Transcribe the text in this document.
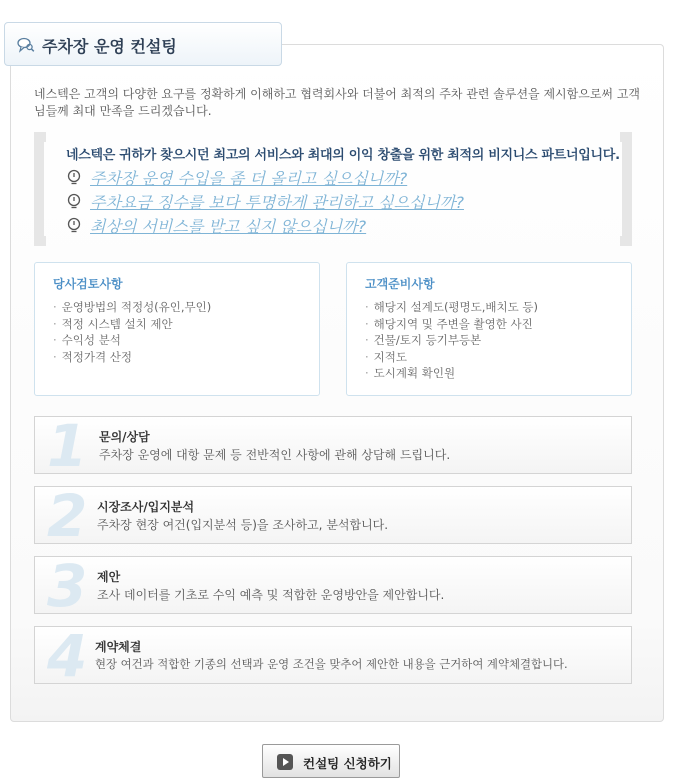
주차장 운영 컨설팅
네스텍은 고객의 다양한 요구를 정확하게 이해하고 협력회사와 더불어 최적의 주차 관련 솔루션을 제시함으로써 고객님들께 최대 만족을 드리겠습니다.
네스텍은 귀하가 찾으시던 최고의 서비스와 최대의 이익 창출을 위한 최적의 비지니스 파트너입니다.
주차장 운영 수입을 좀 더 올리고 싶으십니까?
주차요금 징수를 보다 투명하게 관리하고 싶으십니까?
최상의 서비스를 받고 싶지 않으십니까?
당사검토사항
· 운영방법의 적정성(유인,무인)
· 적정 시스템 설치 제안
· 수익성 분석
· 적정가격 산정
고객준비사항
· 해당지 설계도(평명도,배치도 등)
· 해당지역 및 주변을 촬영한 사진
· 건물/토지 등기부등본
· 지적도
· 도시계획 확인원
1 문의/상담
주차장 운영에 대항 문제 등 전반적인 사항에 관해 상담해 드립니다.
2 시장조사/입지분석
주차장 현장 여건(입지분석 등)을 조사하고, 분석합니다.
3 제안
조사 데이터를 기초로 수익 예측 및 적합한 운영방안을 제안합니다.
4 계약체결
현장 여건과 적합한 기종의 선택과 운영 조건을 맞추어 제안한 내용을 근거하여 계약체결합니다.
컨설팅 신청하기
